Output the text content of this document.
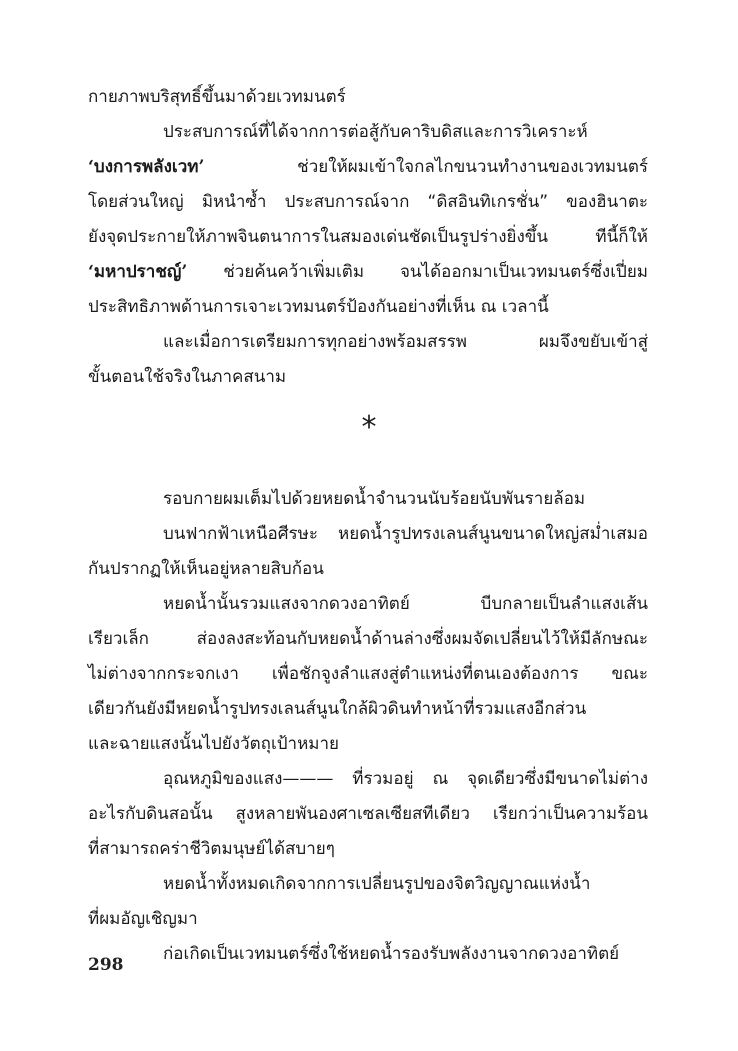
กายภาพบริสุทธิ์ขึ้นมาด้วยเวทมนตร์
ประสบการณ์ที่ได้จากการต่อสู้กับคาริบดิสและการวิเคราะห์
‘บงการพลังเวท’ ช่วยให้ผมเข้าใจกลไกขนวนทำงานของเวทมนตร์
โดยส่วนใหญ่ มิหนำซ้ำ ประสบการณ์จาก “ดิสอินทิเกรชั่น” ของฮินาตะ
ยังจุดประกายให้ภาพจินตนาการในสมองเด่นชัดเป็นรูปร่างยิ่งขึ้น ทีนี้ก็ให้
‘มหาปราชญ์’ ช่วยค้นคว้าเพิ่มเติม จนได้ออกมาเป็นเวทมนตร์ซึ่งเปี่ยม
ประสิทธิภาพด้านการเจาะเวทมนตร์ป้องกันอย่างที่เห็น ณ เวลานี้
และเมื่อการเตรียมการทุกอย่างพร้อมสรรพ ผมจึงขยับเข้าสู่
ขั้นตอนใช้จริงในภาคสนาม
*
รอบกายผมเต็มไปด้วยหยดน้ำจำนวนนับร้อยนับพันรายล้อม
บนฟากฟ้าเหนือศีรษะ หยดน้ำรูปทรงเลนส์นูนขนาดใหญ่สม่ำเสมอ
กันปรากฏให้เห็นอยู่หลายสิบก้อน
หยดน้ำนั้นรวมแสงจากดวงอาทิตย์ บีบกลายเป็นลำแสงเส้น
เรียวเล็ก ส่องลงสะท้อนกับหยดน้ำด้านล่างซึ่งผมจัดเปลี่ยนไว้ให้มีลักษณะ
ไม่ต่างจากกระจกเงา เพื่อชักจูงลำแสงสู่ตำแหน่งที่ตนเองต้องการ ขณะ
เดียวกันยังมีหยดน้ำรูปทรงเลนส์นูนใกล้ผิวดินทำหน้าที่รวมแสงอีกส่วน
และฉายแสงนั้นไปยังวัตถุเป้าหมาย
อุณหภูมิของแสง——— ที่รวมอยู่ ณ จุดเดียวซึ่งมีขนาดไม่ต่าง
อะไรกับดินสอนั้น สูงหลายพันองศาเซลเซียสทีเดียว เรียกว่าเป็นความร้อน
ที่สามารถคร่าชีวิตมนุษย์ได้สบายๆ
หยดน้ำทั้งหมดเกิดจากการเปลี่ยนรูปของจิตวิญญาณแห่งน้ำ
ที่ผมอัญเชิญมา
ก่อเกิดเป็นเวทมนตร์ซึ่งใช้หยดน้ำรองรับพลังงานจากดวงอาทิตย์
298
